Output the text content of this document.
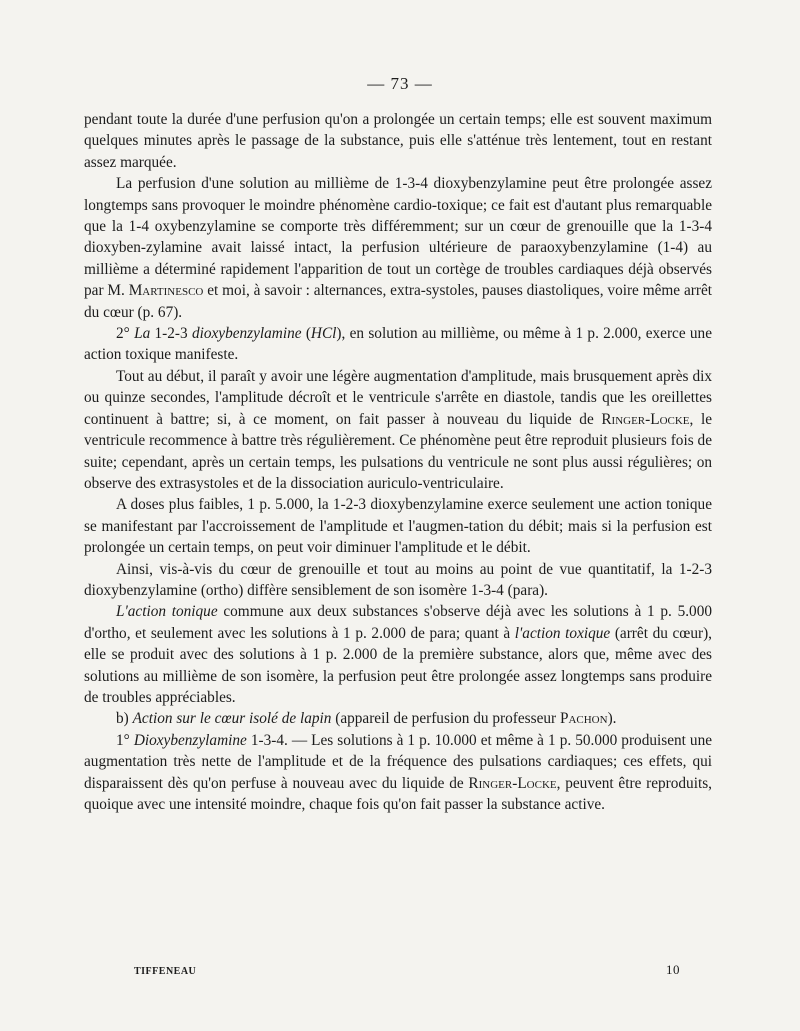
— 73 —

pendant toute la durée d'une perfusion qu'on a prolongée un certain temps; elle est souvent maximum quelques minutes après le passage de la substance, puis elle s'atténue très lentement, tout en restant assez marquée.

La perfusion d'une solution au millième de 1-3-4 dioxybenzylamine peut être prolongée assez longtemps sans provoquer le moindre phénomène cardio-toxique; ce fait est d'autant plus remarquable que la 1-4 oxybenzylamine se comporte très différemment; sur un cœur de grenouille que la 1-3-4 dioxyben-zylamine avait laissé intact, la perfusion ultérieure de paraoxybenzylamine (1-4) au millième a déterminé rapidement l'apparition de tout un cortège de troubles cardiaques déjà observés par M. Martinesco et moi, à savoir : alternances, extra-systoles, pauses diastoliques, voire même arrêt du cœur (p. 67).

2° La 1-2-3 dioxybenzylamine (HCl), en solution au millième, ou même à 1 p. 2.000, exerce une action toxique manifeste.

Tout au début, il paraît y avoir une légère augmentation d'amplitude, mais brusquement après dix ou quinze secondes, l'amplitude décroît et le ventricule s'arrête en diastole, tandis que les oreillettes continuent à battre; si, à ce moment, on fait passer à nouveau du liquide de Ringer-Locke, le ventricule recommence à battre très régulièrement. Ce phénomène peut être reproduit plusieurs fois de suite; cependant, après un certain temps, les pulsations du ventricule ne sont plus aussi régulières; on observe des extrasystoles et de la dissociation auriculo-ventriculaire.

A doses plus faibles, 1 p. 5.000, la 1-2-3 dioxybenzylamine exerce seulement une action tonique se manifestant par l'accroissement de l'amplitude et l'augmen-tation du débit; mais si la perfusion est prolongée un certain temps, on peut voir diminuer l'amplitude et le débit.

Ainsi, vis-à-vis du cœur de grenouille et tout au moins au point de vue quantitatif, la 1-2-3 dioxybenzylamine (ortho) diffère sensiblement de son isomère 1-3-4 (para).

L'action tonique commune aux deux substances s'observe déjà avec les solutions à 1 p. 5.000 d'ortho, et seulement avec les solutions à 1 p. 2.000 de para; quant à l'action toxique (arrêt du cœur), elle se produit avec des solutions à 1 p. 2.000 de la première substance, alors que, même avec des solutions au millième de son isomère, la perfusion peut être prolongée assez longtemps sans produire de troubles appréciables.

b) Action sur le cœur isolé de lapin (appareil de perfusion du professeur Pachon).

1° Dioxybenzylamine 1-3-4. — Les solutions à 1 p. 10.000 et même à 1 p. 50.000 produisent une augmentation très nette de l'amplitude et de la fréquence des pulsations cardiaques; ces effets, qui disparaissent dès qu'on perfuse à nouveau avec du liquide de Ringer-Locke, peuvent être reproduits, quoique avec une intensité moindre, chaque fois qu'on fait passer la substance active.

TIFFENEAU	10
